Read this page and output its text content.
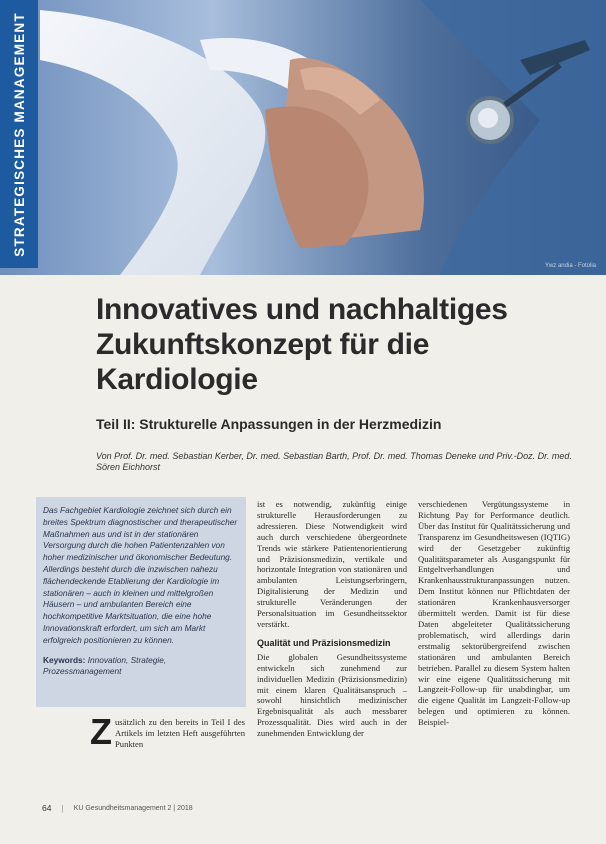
STRATEGISCHES MANAGEMENT
Ywz andia - Fotolia
Innovatives und nachhaltiges
Zukunftskonzept für die
Kardiologie
Teil II: Strukturelle Anpassungen in der Herzmedizin
Von Prof. Dr. med. Sebastian Kerber, Dr. med. Sebastian Barth, Prof. Dr. med. Thomas Deneke und Priv.-Doz. Dr. med. Sören Eichhorst
Das Fachgebiet Kardiologie zeichnet sich durch ein breites Spektrum diagnostischer und therapeutischer Maßnahmen aus und ist in der stationären Versorgung durch die hohen Patientenzahlen von hoher medizinischer und ökonomischer Bedeutung. Allerdings besteht durch die inzwischen nahezu flächendeckende Etablierung der Kardiologie im stationären – auch in kleinen und mittelgroßen Häusern – und ambulanten Bereich eine hochkompetitive Marktsituation, die eine hohe Innovationskraft erfordert, um sich am Markt erfolgreich positionieren zu können.
Keywords: Innovation, Strategie, Prozessmanagement
Z usätzlich zu den bereits in Teil I des Artikels im letzten Heft ausgeführten Punkten
ist es notwendig, zukünftig einige strukturelle Herausforderungen zu adressieren. Diese Notwendigkeit wird auch durch verschiedene übergeordnete Trends wie stärkere Patientenorientierung und Präzisionsmedizin, vertikale und horizontale Integration von stationären und ambulanten Leistungserbringern, Digitalisierung der Medizin und strukturelle Veränderungen der Personalsituation im Gesundheitssektor verstärkt.
Qualität und Präzisionsmedizin
Die globalen Gesundheitssysteme entwickeln sich zunehmend zur individuellen Medizin (Präzisionsmedizin) mit einem klaren Qualitätsanspruch – sowohl hinsichtlich medizinischer Ergebnisqualität als auch messbarer Prozessqualität. Dies wird auch in der zunehmenden Entwicklung der
verschiedenen Vergütungssysteme in Richtung Pay for Performance deutlich. Über das Institut für Qualitätssicherung und Transparenz im Gesundheitswesen (IQTIG) wird der Gesetzgeber zukünftig Qualitätsparameter als Ausgangspunkt für Entgeltverhandlungen und Krankenhausstrukturanpassungen nutzen. Dem Institut können nur Pflichtdaten der stationären Krankenhausversorger übermittelt werden. Damit ist für diese Daten abgeleiteter Qualitätssicherung problematisch, wird allerdings darin erstmalig sektorübergreifend zwischen stationären und ambulanten Bereich betrieben. Parallel zu diesem System halten wir eine eigene Qualitätssicherung mit Langzeit-Follow-up für unabdingbar, um die eigene Qualität im Langzeit-Follow-up belegen und optimieren zu können. Beispiel-
64 | KU Gesundheitsmanagement 2 | 2018
